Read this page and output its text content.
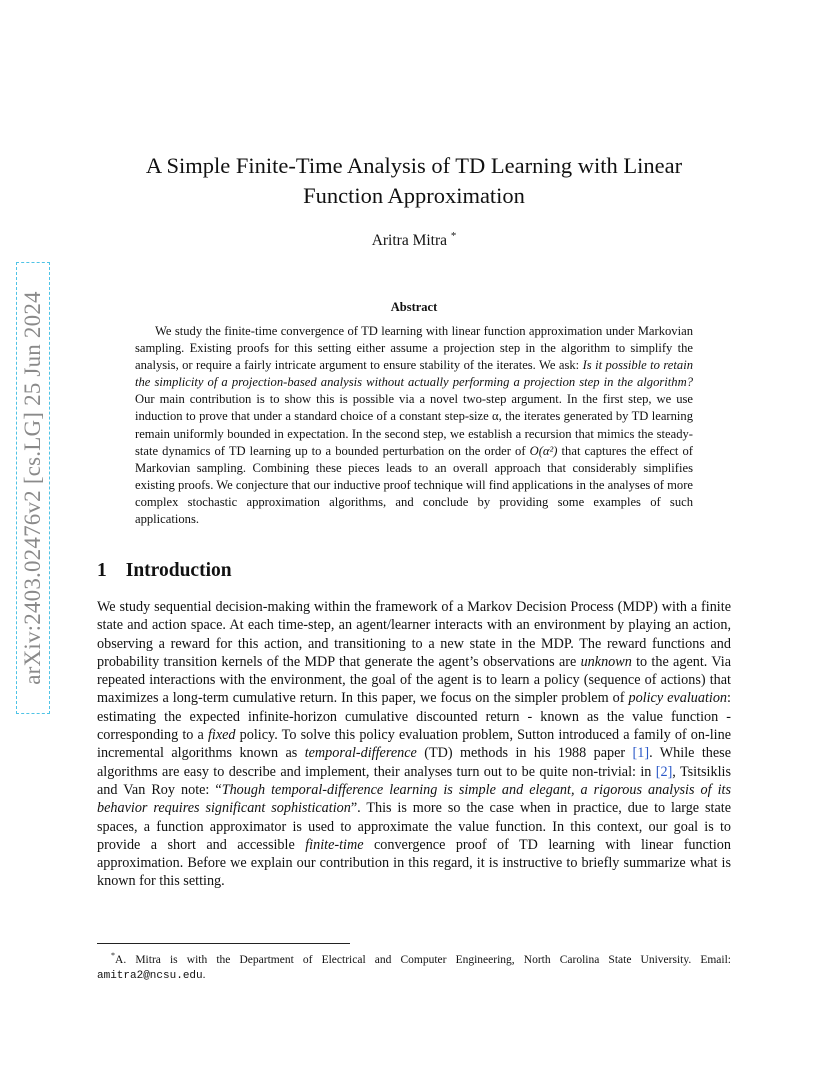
arXiv:2403.02476v2 [cs.LG] 25 Jun 2024
A Simple Finite-Time Analysis of TD Learning with Linear
Function Approximation
Aritra Mitra *
Abstract

We study the finite-time convergence of TD learning with linear function approximation under Markovian sampling. Existing proofs for this setting either assume a projection step in the algorithm to simplify the analysis, or require a fairly intricate argument to ensure stability of the iterates. We ask: Is it possible to retain the simplicity of a projection-based analysis without actually performing a projection step in the algorithm? Our main contribution is to show this is possible via a novel two-step argument. In the first step, we use induction to prove that under a standard choice of a constant step-size α, the iterates generated by TD learning remain uniformly bounded in expectation. In the second step, we establish a recursion that mimics the steady-state dynamics of TD learning up to a bounded perturbation on the order of O(α²) that captures the effect of Markovian sampling. Combining these pieces leads to an overall approach that considerably simplifies existing proofs. We conjecture that our inductive proof technique will find applications in the analyses of more complex stochastic approximation algorithms, and conclude by providing some examples of such applications.

1 Introduction

We study sequential decision-making within the framework of a Markov Decision Process (MDP) with a finite state and action space. At each time-step, an agent/learner interacts with an environment by playing an action, observing a reward for this action, and transitioning to a new state in the MDP. The reward functions and probability transition kernels of the MDP that generate the agent’s observations are unknown to the agent. Via repeated interactions with the environment, the goal of the agent is to learn a policy (sequence of actions) that maximizes a long-term cumulative return. In this paper, we focus on the simpler problem of policy evaluation: estimating the expected infinite-horizon cumulative discounted return - known as the value function - corresponding to a fixed policy. To solve this policy evaluation problem, Sutton introduced a family of on-line incremental algorithms known as temporal-difference (TD) methods in his 1988 paper [1]. While these algorithms are easy to describe and implement, their analyses turn out to be quite non-trivial: in [2], Tsitsiklis and Van Roy note: “Though temporal-difference learning is simple and elegant, a rigorous analysis of its behavior requires significant sophistication”. This is more so the case when in practice, due to large state spaces, a function approximator is used to approximate the value function. In this context, our goal is to provide a short and accessible finite-time convergence proof of TD learning with linear function approximation. Before we explain our contribution in this regard, it is instructive to briefly summarize what is known for this setting.

*A. Mitra is with the Department of Electrical and Computer Engineering, North Carolina State University. Email: amitra2@ncsu.edu.
